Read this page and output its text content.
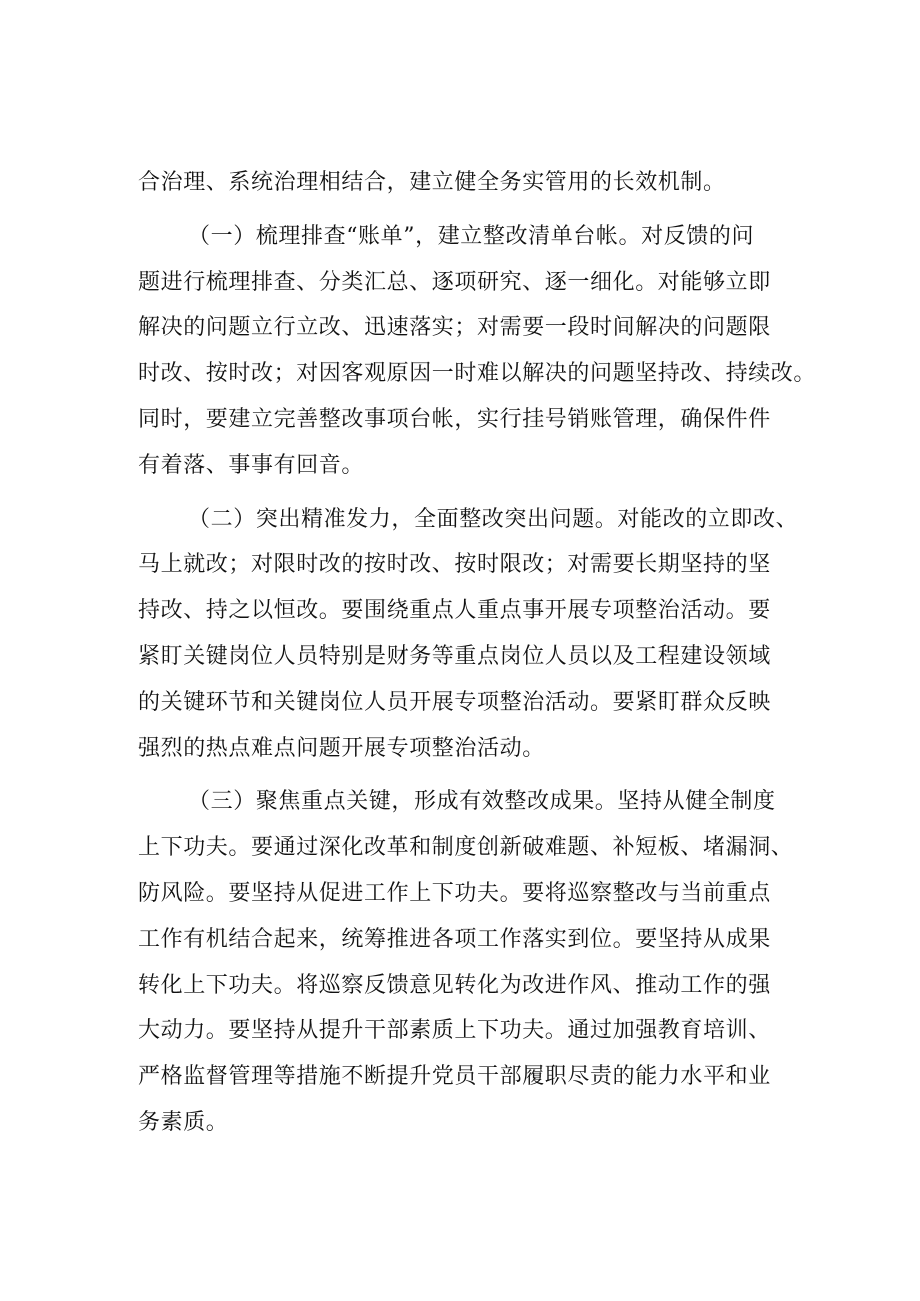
合治理、系统治理相结合，建立健全务实管用的长效机制。
（一）梳理排查“账单”，建立整改清单台帐。对反馈的问
题进行梳理排查、分类汇总、逐项研究、逐一细化。对能够立即
解决的问题立行立改、迅速落实；对需要一段时间解决的问题限
时改、按时改；对因客观原因一时难以解决的问题坚持改、持续改。
同时，要建立完善整改事项台帐，实行挂号销账管理，确保件件
有着落、事事有回音。
（二）突出精准发力，全面整改突出问题。对能改的立即改、
马上就改；对限时改的按时改、按时限改；对需要长期坚持的坚
持改、持之以恒改。要围绕重点人重点事开展专项整治活动。要
紧盯关键岗位人员特别是财务等重点岗位人员以及工程建设领域
的关键环节和关键岗位人员开展专项整治活动。要紧盯群众反映
强烈的热点难点问题开展专项整治活动。
（三）聚焦重点关键，形成有效整改成果。坚持从健全制度
上下功夫。要通过深化改革和制度创新破难题、补短板、堵漏洞、
防风险。要坚持从促进工作上下功夫。要将巡察整改与当前重点
工作有机结合起来，统筹推进各项工作落实到位。要坚持从成果
转化上下功夫。将巡察反馈意见转化为改进作风、推动工作的强
大动力。要坚持从提升干部素质上下功夫。通过加强教育培训、
严格监督管理等措施不断提升党员干部履职尽责的能力水平和业
务素质。
